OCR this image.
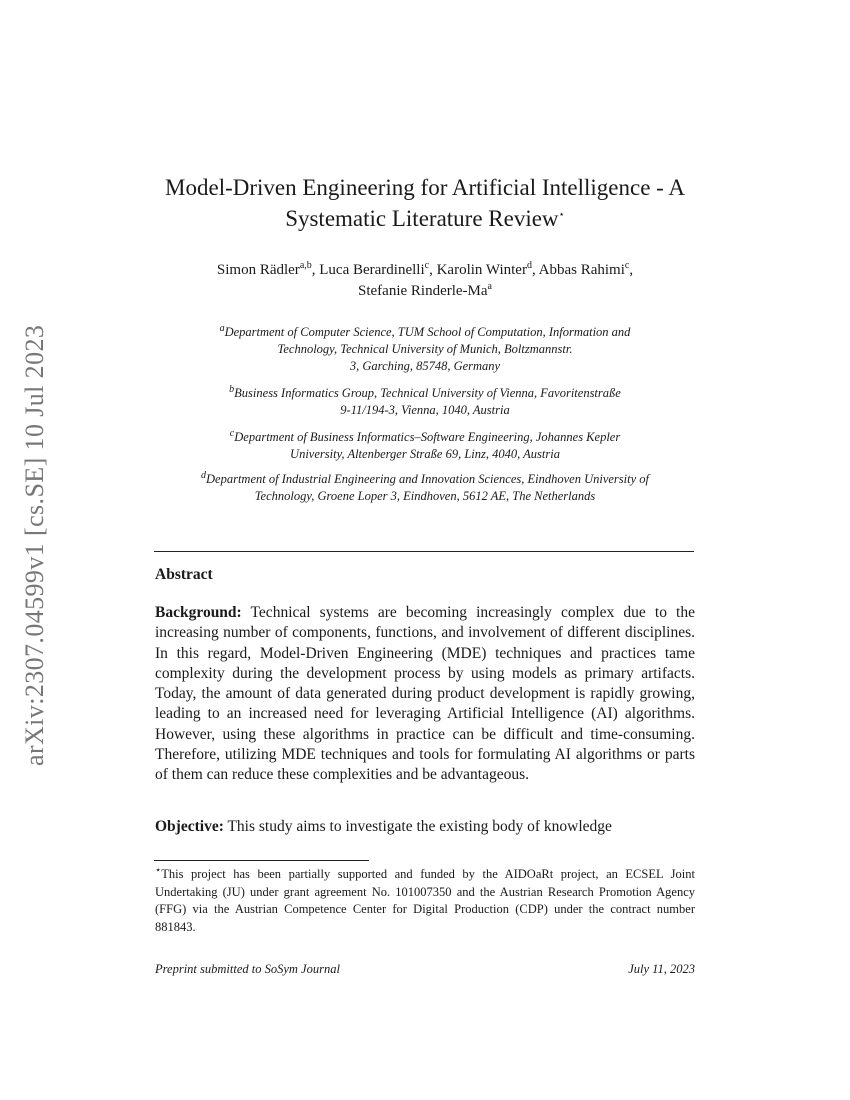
arXiv:2307.04599v1 [cs.SE] 10 Jul 2023
Model-Driven Engineering for Artificial Intelligence - A
Systematic Literature Review⋆
Simon Rädler$^{a,b}$, Luca Berardinelli$^c$, Karolin Winter$^d$, Abbas Rahimi$^c$,
Stefanie Rinderle-Ma$^a$
$^a$Department of Computer Science, TUM School of Computation, Information and
Technology, Technical University of Munich, Boltzmannstr.
3, Garching, 85748, Germany
$^b$Business Informatics Group, Technical University of Vienna, Favoritenstraße
9-11/194-3, Vienna, 1040, Austria
$^c$Department of Business Informatics–Software Engineering, Johannes Kepler
University, Altenberger Straße 69, Linz, 4040, Austria
$^d$Department of Industrial Engineering and Innovation Sciences, Eindhoven University of
Technology, Groene Loper 3, Eindhoven, 5612 AE, The Netherlands
Abstract
Background: Technical systems are becoming increasingly complex due to the increasing number of components, functions, and involvement of different disciplines. In this regard, Model-Driven Engineering (MDE) techniques and practices tame complexity during the development process by using models as primary artifacts. Today, the amount of data generated during product development is rapidly growing, leading to an increased need for leveraging Artificial Intelligence (AI) algorithms. However, using these algorithms in practice can be difficult and time-consuming. Therefore, utilizing MDE techniques and tools for formulating AI algorithms or parts of them can reduce these complexities and be advantageous.
Objective: This study aims to investigate the existing body of knowledge
⋆This project has been partially supported and funded by the AIDOaRt project, an ECSEL Joint Undertaking (JU) under grant agreement No. 101007350 and the Austrian Research Promotion Agency (FFG) via the Austrian Competence Center for Digital Production (CDP) under the contract number 881843.
Preprint submitted to SoSym Journal	July 11, 2023
